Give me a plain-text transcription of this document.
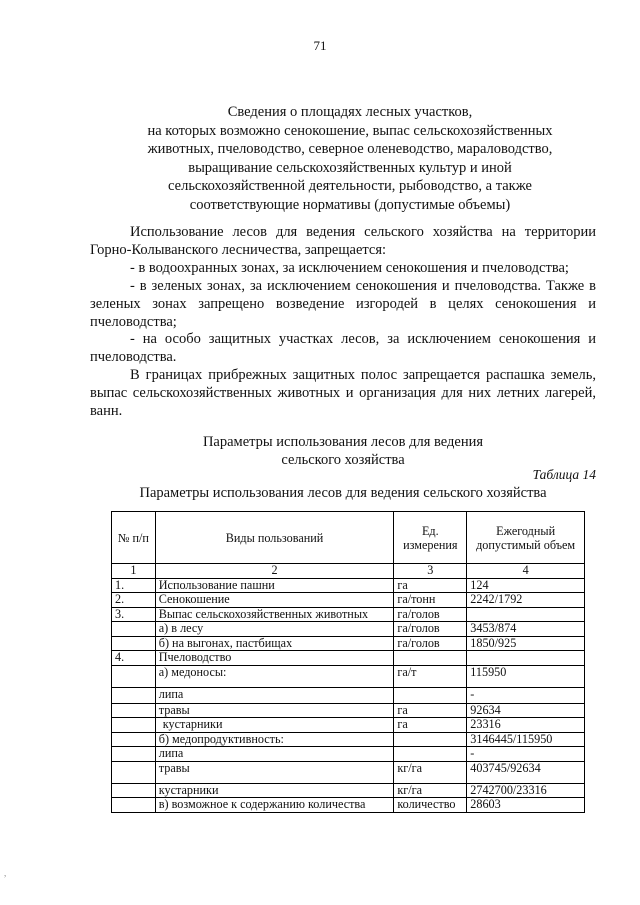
71
Сведения о площадях лесных участков,
на которых возможно сенокошение, выпас сельскохозяйственных
животных, пчеловодство, северное оленеводство, мараловодство,
выращивание сельскохозяйственных культур и иной
сельскохозяйственной деятельности, рыбоводство, а также
соответствующие нормативы (допустимые объемы)

Использование лесов для ведения сельского хозяйства на территории Горно-Колыванского лесничества, запрещается:

- в водоохранных зонах, за исключением сенокошения и пчеловодства;

- в зеленых зонах, за исключением сенокошения и пчеловодства. Также в зеленых зонах запрещено возведение изгородей в целях сенокошения и пчеловодства;

- на особо защитных участках лесов, за исключением сенокошения и пчеловодства.

В границах прибрежных защитных полос запрещается распашка земель, выпас сельскохозяйственных животных и организация для них летних лагерей, ванн.

Параметры использования лесов для ведения
сельского хозяйства
Таблица 14
Параметры использования лесов для ведения сельского хозяйства
№ п/п	Виды пользований	Ед. измерения	Ежегодный допустимый объем
1	2	3	4
1.	Использование пашни	га	124
2.	Сенокошение	га/тонн	2242/1792
3.	Выпас сельскохозяйственных животных	га/голов	
	а) в лесу	га/голов	3453/874
	б) на выгонах, пастбищах	га/голов	1850/925
4.	Пчеловодство		
	а) медоносы:	га/т	115950
	липа		-
	травы	га	92634
	кустарники	га	23316
	б) медопродуктивность:		3146445/115950
	липа		-
	травы	кг/га	403745/92634
	кустарники	кг/га	2742700/23316
	в) возможное к содержанию количества	количество	28603
,
